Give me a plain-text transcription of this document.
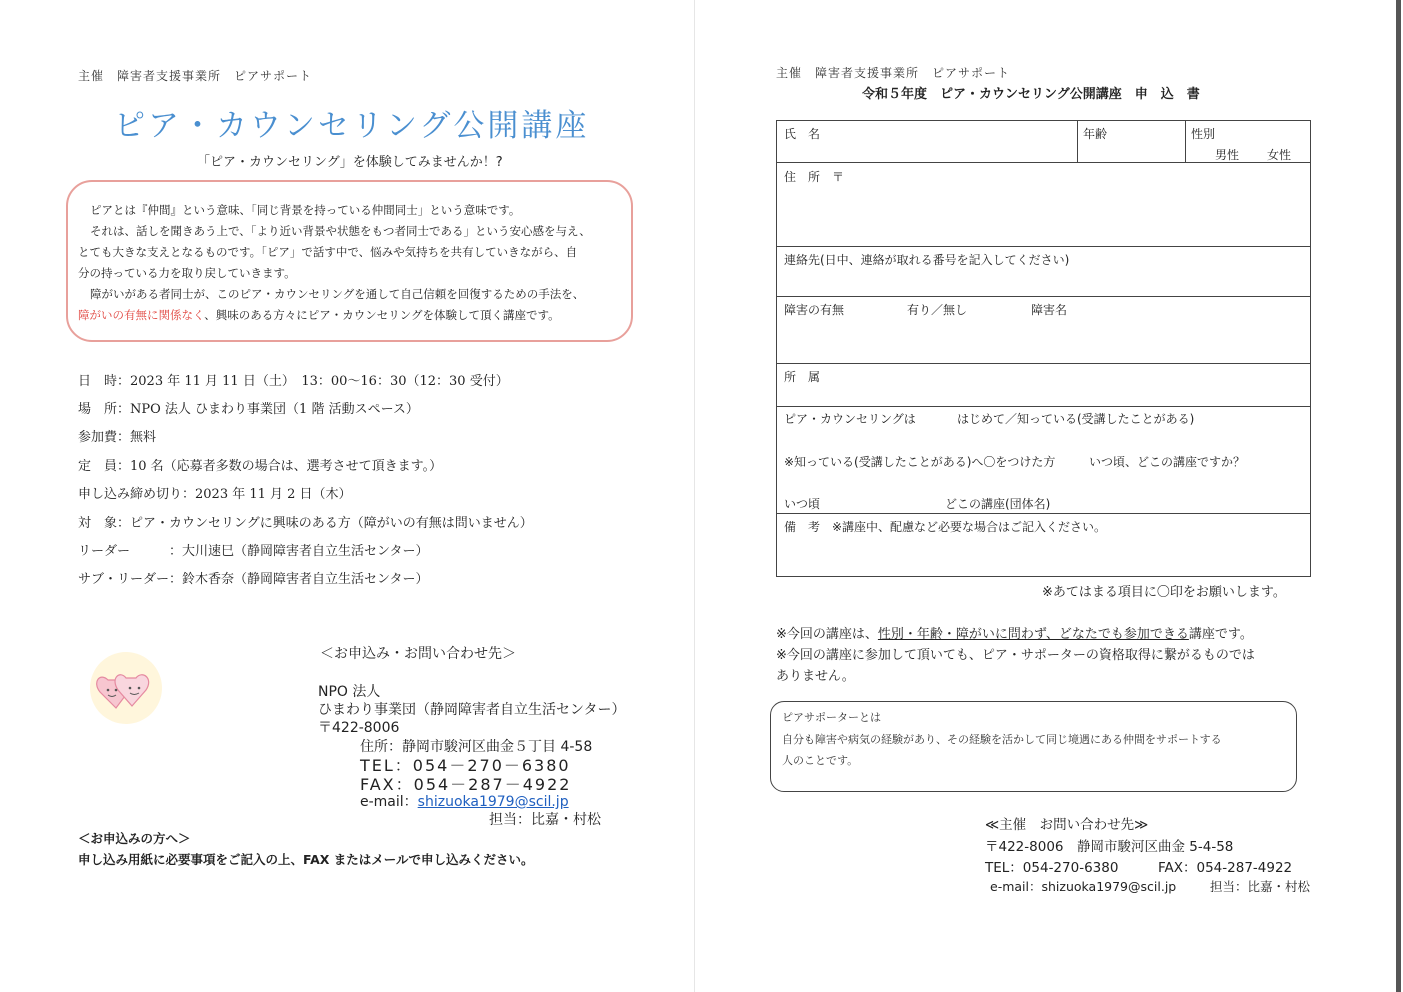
主催　障害者支援事業所　ピアサポート
ピア・カウンセリング公開講座
「ピア・カウンセリング」を体験してみませんか！?

ピアとは『仲間』という意味、「同じ背景を持っている仲間同士」という意味です。

それは、話しを聞きあう上で、「より近い背景や状態をもつ者同士である」という安心感を与え、

とても大きな支えとなるものです。「ピア」で話す中で、悩みや気持ちを共有していきながら、自

分の持っている力を取り戻していきます。

障がいがある者同士が、このピア・カウンセリングを通して自己信頼を回復するための手法を、

障がいの有無に関係なく、興味のある方々にピア・カウンセリングを体験して頂く講座です。

日　時：2023 年 11 月 11 日（土）　13：00～16：30（12：30 受付）
場　所：NPO 法人 ひまわり事業団（1 階 活動スペース）
参加費：無料
定　員：10 名（応募者多数の場合は、選考させて頂きます。）
申し込み締め切り：2023 年 11 月 2 日（木）
対　象：ピア・カウンセリングに興味のある方（障がいの有無は問いません）
リーダー　　　：大川速巳（静岡障害者自立生活センター）
サブ・リーダー：鈴木香奈（静岡障害者自立生活センター）
＜お申込み・お問い合わせ先＞
NPO 法人
ひまわり事業団（静岡障害者自立生活センター）
〒422-8006
住所：静岡市駿河区曲金５丁目 4-58
TEL：054－270－6380
FAX：054－287－4922
e-mail：shizuoka1979@scil.jp
担当：比嘉・村松
＜お申込みの方へ＞
申し込み用紙に必要事項をご記入の上、FAX またはメールで申し込みください。
主催　障害者支援事業所　ピアサポート
令和５年度　ピア・カウンセリング公開講座　申　込　書
氏　名	年齢	性別
男性 女性
住　所　〒
連絡先(日中、連絡が取れる番号を記入してください)
障害の有無	有り／無し	障害名
所　属
ピア・カウンセリングは	はじめて／知っている(受講したことがある)
※知っている(受講したことがある)へ〇をつけた方	いつ頃、どこの講座ですか？
いつ頃	どこの講座(団体名)
備　考　※講座中、配慮など必要な場合はご記入ください。
※あてはまる項目に〇印をお願いします。
※今回の講座は、性別・年齢・障がいに問わず、どなたでも参加できる講座です。
※今回の講座に参加して頂いても、ピア・サポーターの資格取得に繋がるものでは
ありません。
ピアサポーターとは
自分も障害や病気の経験があり、その経験を活かして同じ境遇にある仲間をサポートする
人のことです。
≪主催　お問い合わせ先≫
〒422-8006　静岡市駿河区曲金 5-4-58
TEL：054-270-6380	FAX：054-287-4922
e-mail：shizuoka1979@scil.jp	担当：比嘉・村松
